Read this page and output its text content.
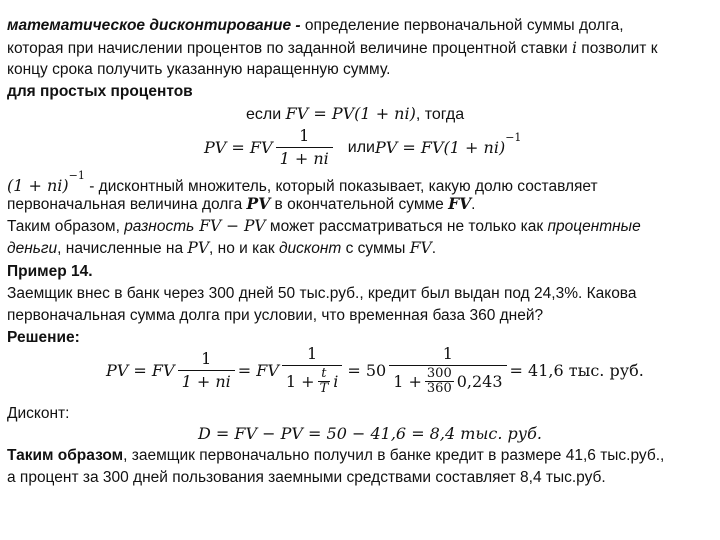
математическое дисконтирование - определение первоначальной суммы долга,
которая при начислении процентов по заданной величине процентной ставки i позволит к
концу срока получить указанную наращенную сумму.
для простых процентов
если FV = PV(1 + ni), тогда
PV = FV $\frac{1}{1 + ni}$ или PV = FV(1 + ni)
$^{-1}$
(1 + ni)$^{-1}$ - дисконтный множитель, который показывает, какую долю составляет
первоначальная величина долга PV в окончательной сумме FV.
Таким образом, разность FV − PV может рассматриваться не только как процентные
деньги, начисленные на PV, но и как дисконт с суммы FV.
Пример 14.
Заемщик внес в банк через 300 дней 50 тыс.руб., кредит был выдан под 24,3%. Какова
первоначальная сумма долга при условии, что временная база 360 дней?
Решение:
PV = FV $\frac{1}{1 + ni}$ = FV
1
$1 + \frac{t}{T}$ i
= 50
1
$1 + \frac{300}{360} 0,243$
= 41,6 тыс. руб.
Дисконт:
D = FV − PV = 50 − 41,6 = 8,4 тыс. руб.
Таким образом, заемщик первоначально получил в банке кредит в размере 41,6 тыс.руб.,
а процент за 300 дней пользования заемными средствами составляет 8,4 тыс.руб.
